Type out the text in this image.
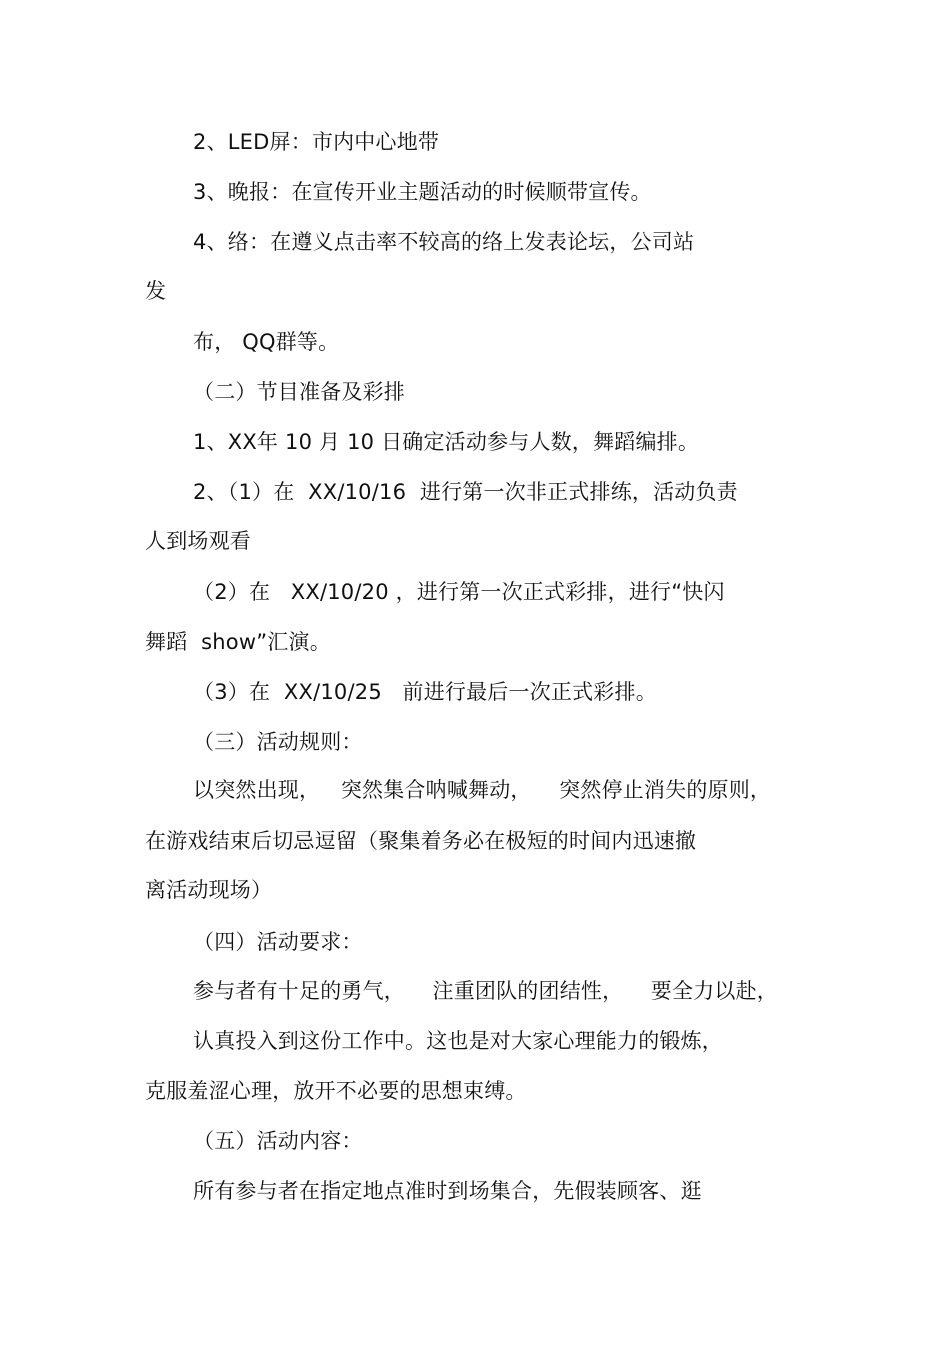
2、LED屏：市内中心地带
3、晚报：在宣传开业主题活动的时候顺带宣传。
4、络：在遵义点击率不较高的络上发表论坛，公司站
发
布， QQ群等。
（二）节目准备及彩排
1、XX年 10 月 10 日确定活动参与人数，舞蹈编排。
2、（1）在  XX/10/16  进行第一次非正式排练，活动负责
人到场观看
（2）在   XX/10/20 ，进行第一次正式彩排，进行“快闪
舞蹈  show”汇演。
（3）在  XX/10/25   前进行最后一次正式彩排。
（三）活动规则：
以突然出现，   突然集合呐喊舞动，    突然停止消失的原则，
在游戏结束后切忌逗留（聚集着务必在极短的时间内迅速撤
离活动现场）
（四）活动要求：
参与者有十足的勇气，    注重团队的团结性，    要全力以赴，
认真投入到这份工作中。这也是对大家心理能力的锻炼，
克服羞涩心理，放开不必要的思想束缚。
（五）活动内容：
所有参与者在指定地点准时到场集合，先假装顾客、逛
